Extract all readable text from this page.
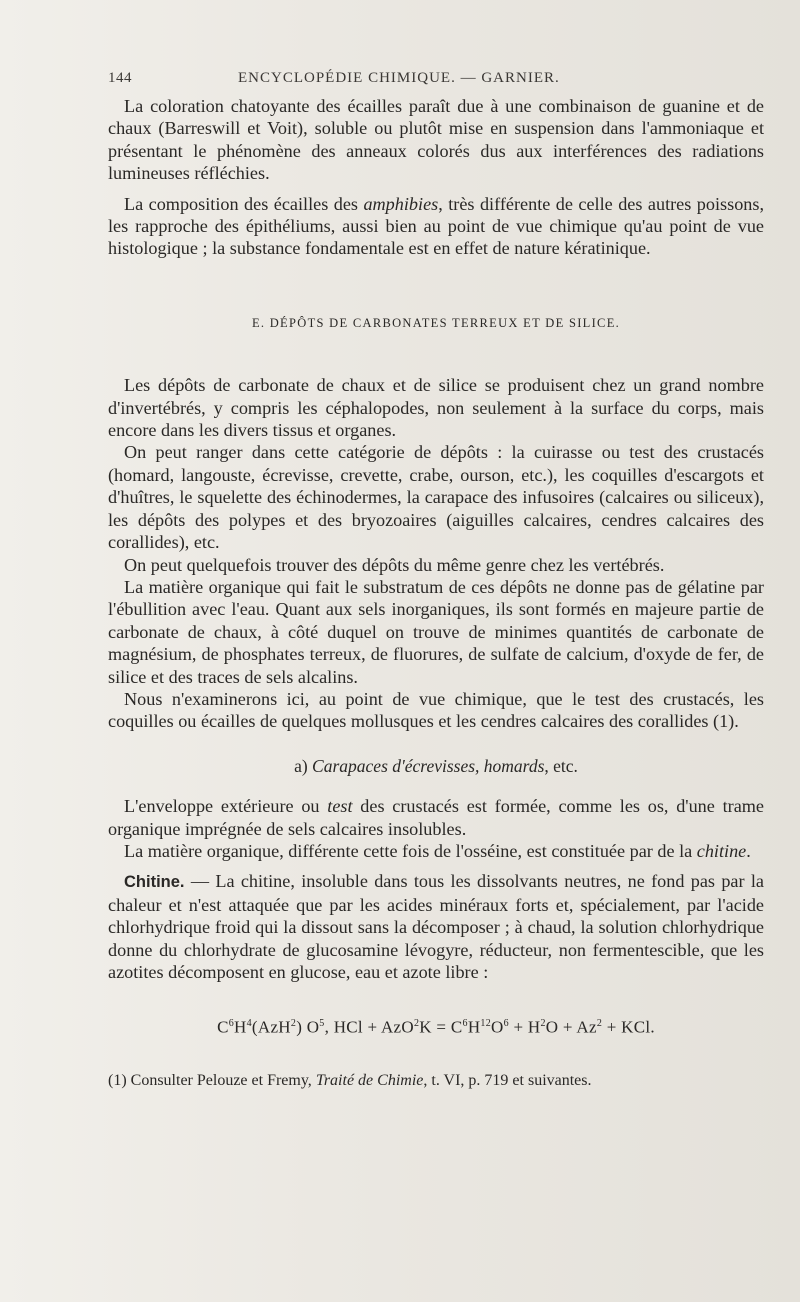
144	ENCYCLOPÉDIE CHIMIQUE. — GARNIER.

La coloration chatoyante des écailles paraît due à une combinaison de guanine et de chaux (Barreswill et Voit), soluble ou plutôt mise en suspension dans l'ammoniaque et présentant le phénomène des anneaux colorés dus aux interférences des radiations lumineuses réfléchies.

La composition des écailles des amphibies, très différente de celle des autres poissons, les rapproche des épithéliums, aussi bien au point de vue chimique qu'au point de vue histologique ; la substance fondamentale est en effet de nature kératinique.

E. DÉPÔTS DE CARBONATES TERREUX ET DE SILICE.

Les dépôts de carbonate de chaux et de silice se produisent chez un grand nombre d'invertébrés, y compris les céphalopodes, non seulement à la surface du corps, mais encore dans les divers tissus et organes.

On peut ranger dans cette catégorie de dépôts : la cuirasse ou test des crustacés (homard, langouste, écrevisse, crevette, crabe, ourson, etc.), les coquilles d'escargots et d'huîtres, le squelette des échinodermes, la carapace des infusoires (calcaires ou siliceux), les dépôts des polypes et des bryozoaires (aiguilles calcaires, cendres calcaires des corallides), etc.

On peut quelquefois trouver des dépôts du même genre chez les vertébrés.

La matière organique qui fait le substratum de ces dépôts ne donne pas de gélatine par l'ébullition avec l'eau. Quant aux sels inorganiques, ils sont formés en majeure partie de carbonate de chaux, à côté duquel on trouve de minimes quantités de carbonate de magnésium, de phosphates terreux, de fluorures, de sulfate de calcium, d'oxyde de fer, de silice et des traces de sels alcalins.

Nous n'examinerons ici, au point de vue chimique, que le test des crustacés, les coquilles ou écailles de quelques mollusques et les cendres calcaires des corallides (1).

a) Carapaces d'écrevisses, homards, etc.

L'enveloppe extérieure ou test des crustacés est formée, comme les os, d'une trame organique imprégnée de sels calcaires insolubles.

La matière organique, différente cette fois de l'osséine, est constituée par de la chitine.

Chitine. — La chitine, insoluble dans tous les dissolvants neutres, ne fond pas par la chaleur et n'est attaquée que par les acides minéraux forts et, spécialement, par l'acide chlorhydrique froid qui la dissout sans la décomposer ; à chaud, la solution chlorhydrique donne du chlorhydrate de glucosamine lévogyre, réducteur, non fermentescible, que les azotites décomposent en glucose, eau et azote libre :

$C^6H^4(AzH^2)$ $O^5$, HCl + $AzO^2K = C^6H^{12}O^6 + H^2O + Az^2$ + KCl.

(1) Consulter Pelouze et Fremy, Traité de Chimie, t. VI, p. 719 et suivantes.
